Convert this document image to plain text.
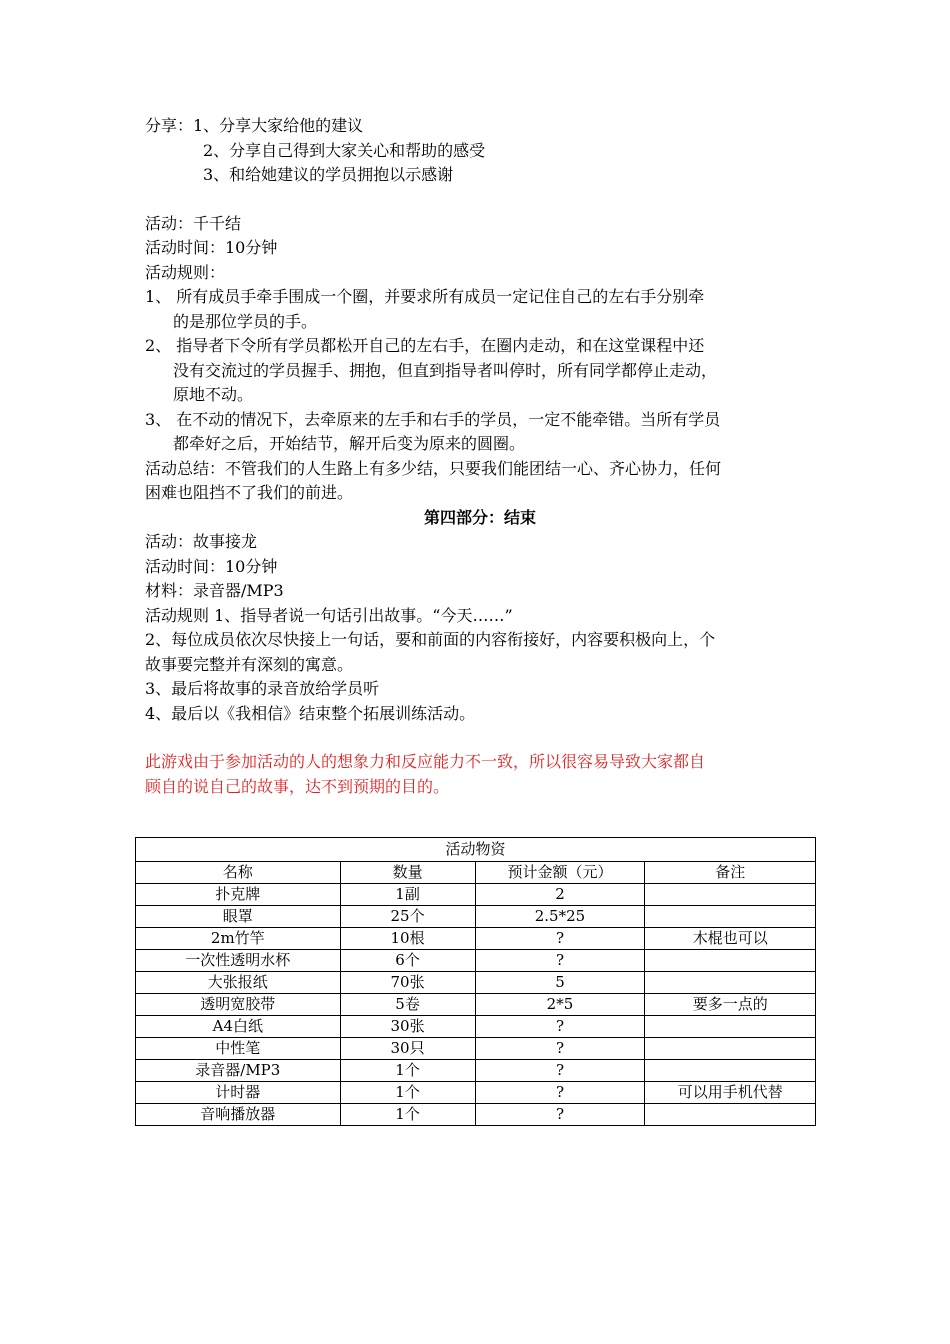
分享：1、分享大家给他的建议
2、分享自己得到大家关心和帮助的感受
3、和给她建议的学员拥抱以示感谢
活动：千千结
活动时间：10分钟
活动规则：
1、 所有成员手牵手围成一个圈，并要求所有成员一定记住自己的左右手分别牵
的是那位学员的手。
2、 指导者下令所有学员都松开自己的左右手，在圈内走动，和在这堂课程中还
没有交流过的学员握手、拥抱，但直到指导者叫停时，所有同学都停止走动，
原地不动。
3、 在不动的情况下，去牵原来的左手和右手的学员，一定不能牵错。当所有学员
都牵好之后，开始结节，解开后变为原来的圆圈。
活动总结：不管我们的人生路上有多少结，只要我们能团结一心、齐心协力，任何
困难也阻挡不了我们的前进。
第四部分：结束
活动：故事接龙
活动时间：10分钟
材料：录音器/MP3
活动规则 1、指导者说一句话引出故事。“今天……”
2、每位成员依次尽快接上一句话，要和前面的内容衔接好，内容要积极向上，个
故事要完整并有深刻的寓意。
3、最后将故事的录音放给学员听
4、最后以《我相信》结束整个拓展训练活动。
此游戏由于参加活动的人的想象力和反应能力不一致，所以很容易导致大家都自
顾自的说自己的故事，达不到预期的目的。
活动物资			
名称	数量	预计金额（元）	备注
扑克牌	1副	2	
眼罩	25个	2.5*25	
2m竹竿	10根	?	木棍也可以
一次性透明水杯	6个	?	
大张报纸	70张	5	
透明宽胶带	5卷	2*5	要多一点的
A4白纸	30张	?	
中性笔	30只	?	
录音器/MP3	1个	?	
计时器	1个	?	可以用手机代替
音响播放器	1个	?	
